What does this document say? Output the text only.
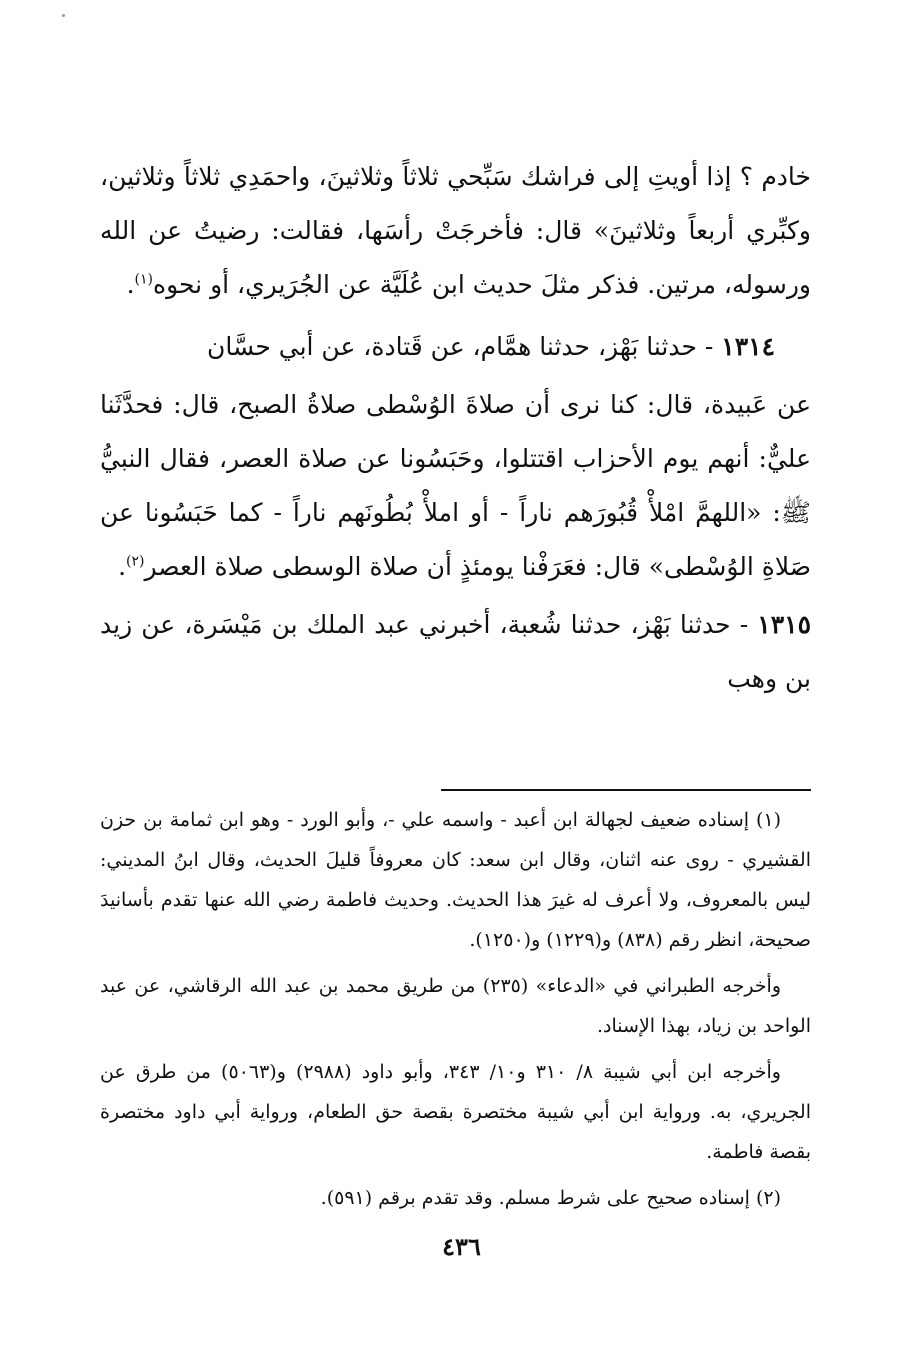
خادم ؟ إذا أويتِ إلى فراشك سَبِّحي ثلاثاً وثلاثينَ، واحمَدِي ثلاثاً وثلاثين، وكبِّري أربعاً وثلاثينَ» قال: فأخرجَتْ رأسَها، فقالت: رضيتُ عن الله ورسوله، مرتين. فذكر مثلَ حديث ابن عُلَيَّة عن الجُرَيري، أو نحوه$^{(١)}$.

١٣١٤ - حدثنا بَهْز، حدثنا همَّام، عن قَتادة، عن أبي حسَّان

عن عَبيدة، قال: كنا نرى أن صلاةَ الوُسْطى صلاةُ الصبح، قال: فحدَّثَنا عليٌّ: أنهم يوم الأحزاب اقتتلوا، وحَبَسُونا عن صلاة العصر، فقال النبيُّ ﷺ: «اللهمَّ امْلأْ قُبُورَهم ناراً - أو املأْ بُطُونَهم ناراً - كما حَبَسُونا عن صَلاةِ الوُسْطى» قال: فعَرَفْنا يومئذٍ أن صلاة الوسطى صلاة العصر$^{(٢)}$.

١٣١٥ - حدثنا بَهْز، حدثنا شُعبة، أخبرني عبد الملك بن مَيْسَرة، عن زيد بن وهب

(١) إسناده ضعيف لجهالة ابن أعبد - واسمه علي -، وأبو الورد - وهو ابن ثمامة بن حزن القشيري - روى عنه اثنان، وقال ابن سعد: كان معروفاً قليلَ الحديث، وقال ابنُ المديني: ليس بالمعروف، ولا أعرف له غيرَ هذا الحديث. وحديث فاطمة رضي الله عنها تقدم بأسانيدَ صحيحة، انظر رقم (٨٣٨) و(١٢٢٩) و(١٢٥٠).

وأخرجه الطبراني في «الدعاء» (٢٣٥) من طريق محمد بن عبد الله الرقاشي، عن عبد الواحد بن زياد، بهذا الإسناد.

وأخرجه ابن أبي شيبة ٨/ ٣١٠ و١٠/ ٣٤٣، وأبو داود (٢٩٨٨) و(٥٠٦٣) من طرق عن الجريري، به. ورواية ابن أبي شيبة مختصرة بقصة حق الطعام، ورواية أبي داود مختصرة بقصة فاطمة.

(٢) إسناده صحيح على شرط مسلم. وقد تقدم برقم (٥٩١).

٤٣٦
